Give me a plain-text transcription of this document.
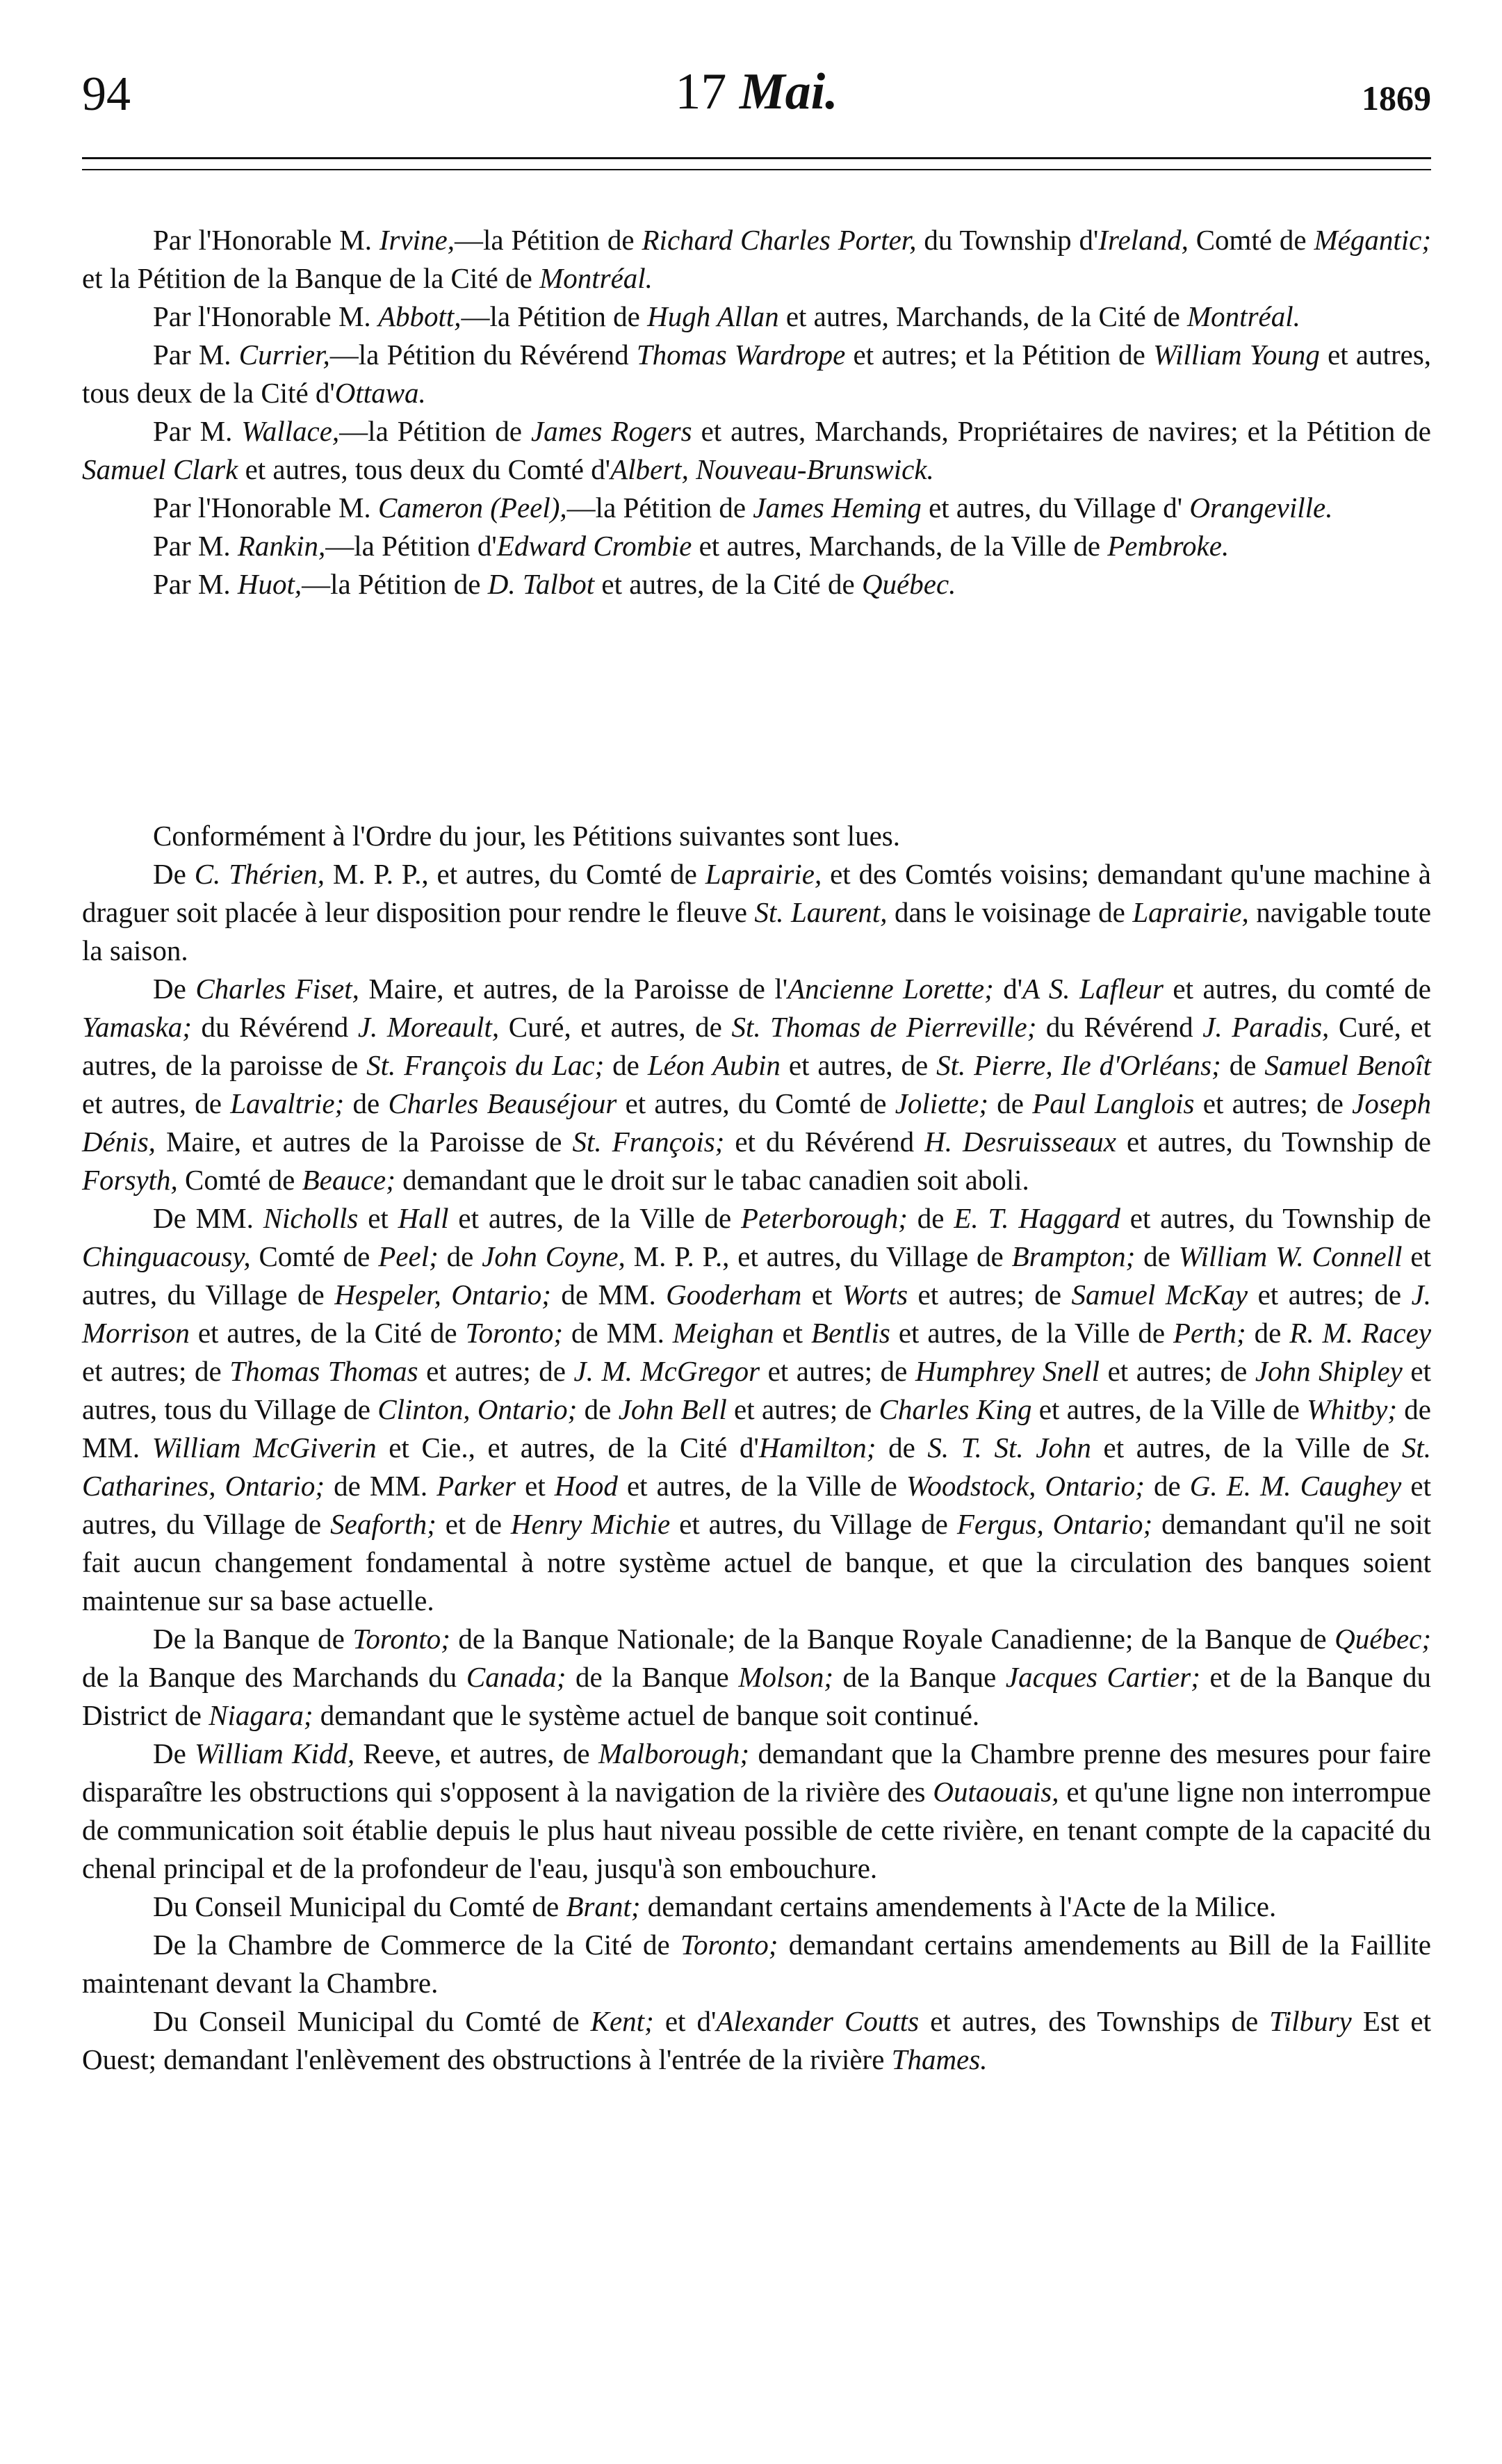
94	17 Mai.	1869

Par l'Honorable M. Irvine,—la Pétition de Richard Charles Porter, du Township d'Ireland, Comté de Mégantic; et la Pétition de la Banque de la Cité de Montréal.

Par l'Honorable M. Abbott,—la Pétition de Hugh Allan et autres, Marchands, de la Cité de Montréal.

Par M. Currier,—la Pétition du Révérend Thomas Wardrope et autres; et la Pétition de William Young et autres, tous deux de la Cité d'Ottawa.

Par M. Wallace,—la Pétition de James Rogers et autres, Marchands, Propriétaires de navires; et la Pétition de Samuel Clark et autres, tous deux du Comté d'Albert, Nouveau-Brunswick.

Par l'Honorable M. Cameron (Peel),—la Pétition de James Heming et autres, du Village d' Orangeville.

Par M. Rankin,—la Pétition d'Edward Crombie et autres, Marchands, de la Ville de Pembroke.

Par M. Huot,—la Pétition de D. Talbot et autres, de la Cité de Québec.

Conformément à l'Ordre du jour, les Pétitions suivantes sont lues.

De C. Thérien, M. P. P., et autres, du Comté de Laprairie, et des Comtés voisins; demandant qu'une machine à draguer soit placée à leur disposition pour rendre le fleuve St. Laurent, dans le voisinage de Laprairie, navigable toute la saison.

De Charles Fiset, Maire, et autres, de la Paroisse de l'Ancienne Lorette; d'A S. Lafleur et autres, du comté de Yamaska; du Révérend J. Moreault, Curé, et autres, de St. Thomas de Pierreville; du Révérend J. Paradis, Curé, et autres, de la paroisse de St. François du Lac; de Léon Aubin et autres, de St. Pierre, Ile d'Orléans; de Samuel Benoît et autres, de Lavaltrie; de Charles Beauséjour et autres, du Comté de Joliette; de Paul Langlois et autres; de Joseph Dénis, Maire, et autres de la Paroisse de St. François; et du Révérend H. Desruisseaux et autres, du Township de Forsyth, Comté de Beauce; demandant que le droit sur le tabac canadien soit aboli.

De MM. Nicholls et Hall et autres, de la Ville de Peterborough; de E. T. Haggard et autres, du Township de Chinguacousy, Comté de Peel; de John Coyne, M. P. P., et autres, du Village de Brampton; de William W. Connell et autres, du Village de Hespeler, Ontario; de MM. Gooderham et Worts et autres; de Samuel McKay et autres; de J. Morrison et autres, de la Cité de Toronto; de MM. Meighan et Bentlis et autres, de la Ville de Perth; de R. M. Racey et autres; de Thomas Thomas et autres; de J. M. McGregor et autres; de Humphrey Snell et autres; de John Shipley et autres, tous du Village de Clinton, Ontario; de John Bell et autres; de Charles King et autres, de la Ville de Whitby; de MM. William McGiverin et Cie., et autres, de la Cité d'Hamilton; de S. T. St. John et autres, de la Ville de St. Catharines, Ontario; de MM. Parker et Hood et autres, de la Ville de Woodstock, Ontario; de G. E. M. Caughey et autres, du Village de Seaforth; et de Henry Michie et autres, du Village de Fergus, Ontario; demandant qu'il ne soit fait aucun changement fondamental à notre système actuel de banque, et que la circulation des banques soient maintenue sur sa base actuelle.

De la Banque de Toronto; de la Banque Nationale; de la Banque Royale Canadienne; de la Banque de Québec; de la Banque des Marchands du Canada; de la Banque Molson; de la Banque Jacques Cartier; et de la Banque du District de Niagara; demandant que le système actuel de banque soit continué.

De William Kidd, Reeve, et autres, de Malborough; demandant que la Chambre prenne des mesures pour faire disparaître les obstructions qui s'opposent à la navigation de la rivière des Outaouais, et qu'une ligne non interrompue de communication soit établie depuis le plus haut niveau possible de cette rivière, en tenant compte de la capacité du chenal principal et de la profondeur de l'eau, jusqu'à son embouchure.

Du Conseil Municipal du Comté de Brant; demandant certains amendements à l'Acte de la Milice.

De la Chambre de Commerce de la Cité de Toronto; demandant certains amendements au Bill de la Faillite maintenant devant la Chambre.

Du Conseil Municipal du Comté de Kent; et d'Alexander Coutts et autres, des Townships de Tilbury Est et Ouest; demandant l'enlèvement des obstructions à l'entrée de la rivière Thames.
